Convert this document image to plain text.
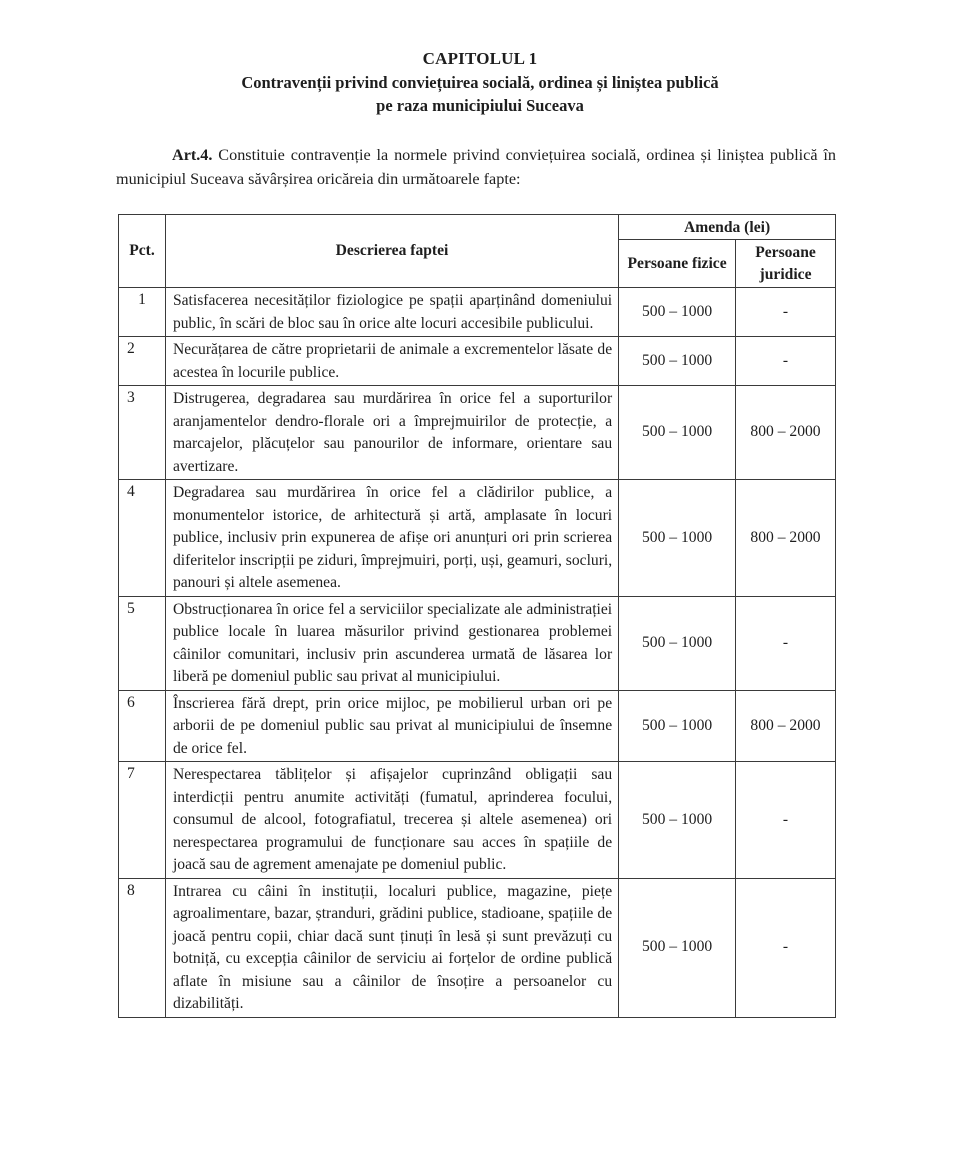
CAPITOLUL 1
Contravenții privind conviețuirea socială, ordinea și liniștea publică
pe raza municipiului Suceava
Art.4. Constituie contravenție la normele privind conviețuirea socială, ordinea și liniștea publică în municipiul Suceava săvârșirea oricăreia din următoarele fapte:
Pct.	Descrierea faptei	Amenda (lei)	
		Persoane fizice	Persoane juridice
1	Satisfacerea necesităților fiziologice pe spații aparținând domeniului public, în scări de bloc sau în orice alte locuri accesibile publicului.	500 – 1000	-
2	Necurățarea de către proprietarii de animale a excrementelor lăsate de acestea în locurile publice.	500 – 1000	-
3	Distrugerea, degradarea sau murdărirea în orice fel a suporturilor aranjamentelor dendro-florale ori a împrejmuirilor de protecție, a marcajelor, plăcuțelor sau panourilor de informare, orientare sau avertizare.	500 – 1000	800 – 2000
4	Degradarea sau murdărirea în orice fel a clădirilor publice, a monumentelor istorice, de arhitectură și artă, amplasate în locuri publice, inclusiv prin expunerea de afișe ori anunțuri ori prin scrierea diferitelor inscripții pe ziduri, împrejmuiri, porți, uși, geamuri, socluri, panouri și altele asemenea.	500 – 1000	800 – 2000
5	Obstrucționarea în orice fel a serviciilor specializate ale administrației publice locale în luarea măsurilor privind gestionarea problemei câinilor comunitari, inclusiv prin ascunderea urmată de lăsarea lor liberă pe domeniul public sau privat al municipiului.	500 – 1000	-
6	Înscrierea fără drept, prin orice mijloc, pe mobilierul urban ori pe arborii de pe domeniul public sau privat al municipiului de însemne de orice fel.	500 – 1000	800 – 2000
7	Nerespectarea tăblițelor și afișajelor cuprinzând obligații sau interdicții pentru anumite activități (fumatul, aprinderea focului, consumul de alcool, fotografiatul, trecerea și altele asemenea) ori nerespectarea programului de funcționare sau acces în spațiile de joacă sau de agrement amenajate pe domeniul public.	500 – 1000	-
8	Intrarea cu câini în instituții, localuri publice, magazine, piețe agroalimentare, bazar, ștranduri, grădini publice, stadioane, spațiile de joacă pentru copii, chiar dacă sunt ținuți în lesă și sunt prevăzuți cu botniță, cu excepția câinilor de serviciu ai forțelor de ordine publică aflate în misiune sau a câinilor de însoțire a persoanelor cu dizabilități.	500 – 1000	-
